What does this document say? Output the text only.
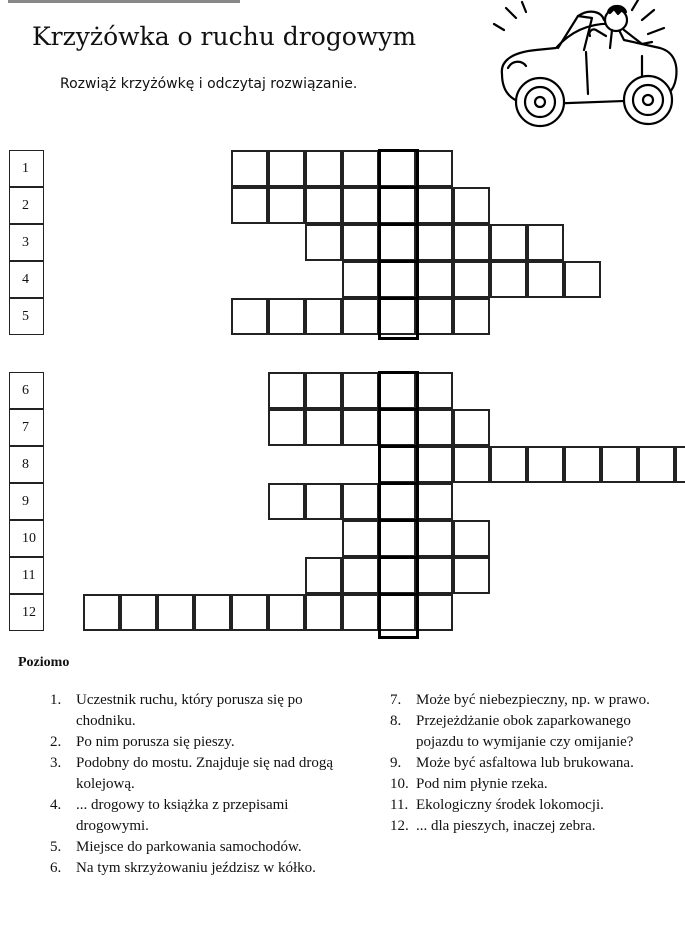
Krzyżówka o ruchu drogowym
Rozwiąż krzyżówkę i odczytaj rozwiązanie.
1
2
3
4
5
6
7
8
9
10
11
12
Poziomo
1. Uczestnik ruchu, który porusza się po chodniku.
2. Po nim porusza się pieszy.
3. Podobny do mostu. Znajduje się nad drogą kolejową.
4. ... drogowy to książka z przepisami drogowymi.
5. Miejsce do parkowania samochodów.
6. Na tym skrzyżowaniu jeździsz w kółko.
7. Może być niebezpieczny, np. w prawo.
8. Przejeżdżanie obok zaparkowanego pojazdu to wymijanie czy omijanie?
9. Może być asfaltowa lub brukowana.
10. Pod nim płynie rzeka.
11. Ekologiczny środek lokomocji.
12. ... dla pieszych, inaczej zebra.
